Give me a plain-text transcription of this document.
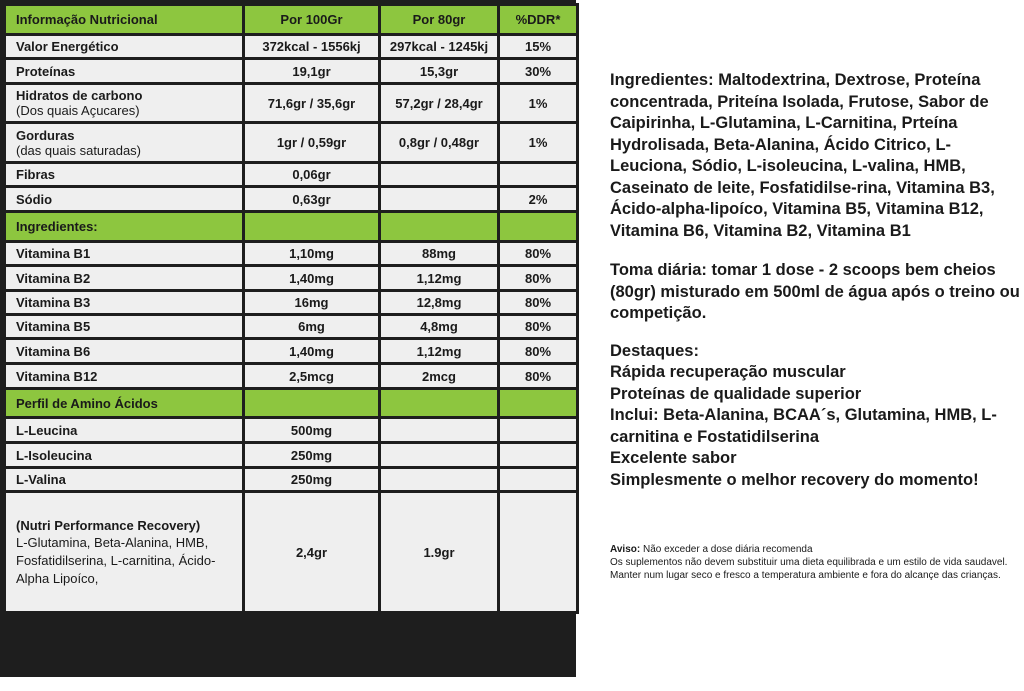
Informação Nutricional	Por 100Gr	Por 80gr	%DDR*
Valor Energético	372kcal - 1556kj	297kcal - 1245kj	15%
Proteínas	19,1gr	15,3gr	30%
Hidratos de carbono
(Dos quais Açucares)	71,6gr / 35,6gr	57,2gr / 28,4gr	1%
Gorduras
(das quais saturadas)	1gr / 0,59gr	0,8gr / 0,48gr	1%
Fibras	0,06gr		
Sódio	0,63gr		2%
Ingredientes:			
Vitamina B1	1,10mg	88mg	80%
Vitamina B2	1,40mg	1,12mg	80%
Vitamina B3	16mg	12,8mg	80%
Vitamina B5	6mg	4,8mg	80%
Vitamina B6	1,40mg	1,12mg	80%
Vitamina B12	2,5mcg	2mcg	80%
Perfil de Amino Ácidos			
L-Leucina	500mg		
L-Isoleucina	250mg		
L-Valina	250mg		

(Nutri Performance Recovery)
L-Glutamina, Beta-Alanina, HMB, Fosfatidilserina, L-carnitina, Ácido-Alpha Lipoíco,	2,4gr	1.9gr	

Ingredientes: Maltodextrina, Dextrose, Proteína concentrada, Priteína Isolada, Frutose, Sabor de Caipirinha, L-Glutamina, L-Carnitina, Prteína Hydrolisada, Beta-Alanina, Ácido Citrico, L-Leuciona, Sódio, L-isoleucina, L-valina, HMB, Caseinato de leite, Fosfatidilse-rina, Vitamina B3, Ácido-alpha-lipoíco, Vitamina B5, Vitamina B12, Vitamina B6, Vitamina B2, Vitamina B1

Toma diária: tomar 1 dose - 2 scoops bem cheios (80gr) misturado em 500ml de água após o treino ou competição.

Destaques:
Rápida recuperação muscular
Proteínas de qualidade superior
Inclui: Beta-Alanina, BCAA´s, Glutamina, HMB, L-carnitina e Fostatidilserina
Excelente sabor
Simplesmente o melhor recovery do momento!

Aviso: Não exceder a dose diária recomenda
Os suplementos não devem substituir uma dieta equilibrada e um estilo de vida saudavel.
Manter num lugar seco e fresco a temperatura ambiente e fora do alcançe das crianças.
